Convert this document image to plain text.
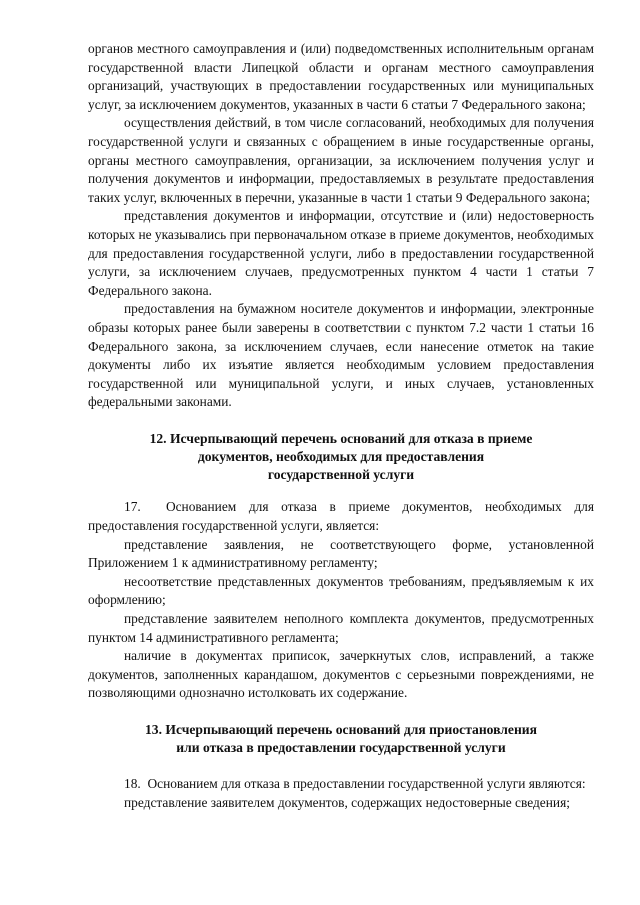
органов местного самоуправления и (или) подведомственных исполнительным органам государственной власти Липецкой области и органам местного самоуправления организаций, участвующих в предоставлении государственных или муниципальных услуг, за исключением документов, указанных в части 6 статьи 7 Федерального закона;

осуществления действий, в том числе согласований, необходимых для получения государственной услуги и связанных с обращением в иные государственные органы, органы местного самоуправления, организации, за исключением получения услуг и получения документов и информации, предоставляемых в результате предоставления таких услуг, включенных в перечни, указанные в части 1 статьи 9 Федерального закона;

представления документов и информации, отсутствие и (или) недостоверность которых не указывались при первоначальном отказе в приеме документов, необходимых для предоставления государственной услуги, либо в предоставлении государственной услуги, за исключением случаев, предусмотренных пунктом 4 части 1 статьи 7 Федерального закона.

предоставления на бумажном носителе документов и информации, электронные образы которых ранее были заверены в соответствии с пунктом 7.2 части 1 статьи 16 Федерального закона, за исключением случаев, если нанесение отметок на такие документы либо их изъятие является необходимым условием предоставления государственной или муниципальной услуги, и иных случаев, установленных федеральными законами.

12. Исчерпывающий перечень оснований для отказа в приеме

документов, необходимых для предоставления

государственной услуги

17. Основанием для отказа в приеме документов, необходимых для предоставления государственной услуги, является:

представление заявления, не соответствующего форме, установленной Приложением 1 к административному регламенту;

несоответствие представленных документов требованиям, предъявляемым к их оформлению;

представление заявителем неполного комплекта документов, предусмотренных пунктом 14 административного регламента;

наличие в документах приписок, зачеркнутых слов, исправлений, а также документов, заполненных карандашом, документов с серьезными повреждениями, не позволяющими однозначно истолковать их содержание.

13. Исчерпывающий перечень оснований для приостановления

или отказа в предоставлении государственной услуги

18. Основанием для отказа в предоставлении государственной услуги являются:

представление заявителем документов, содержащих недостоверные сведения;
